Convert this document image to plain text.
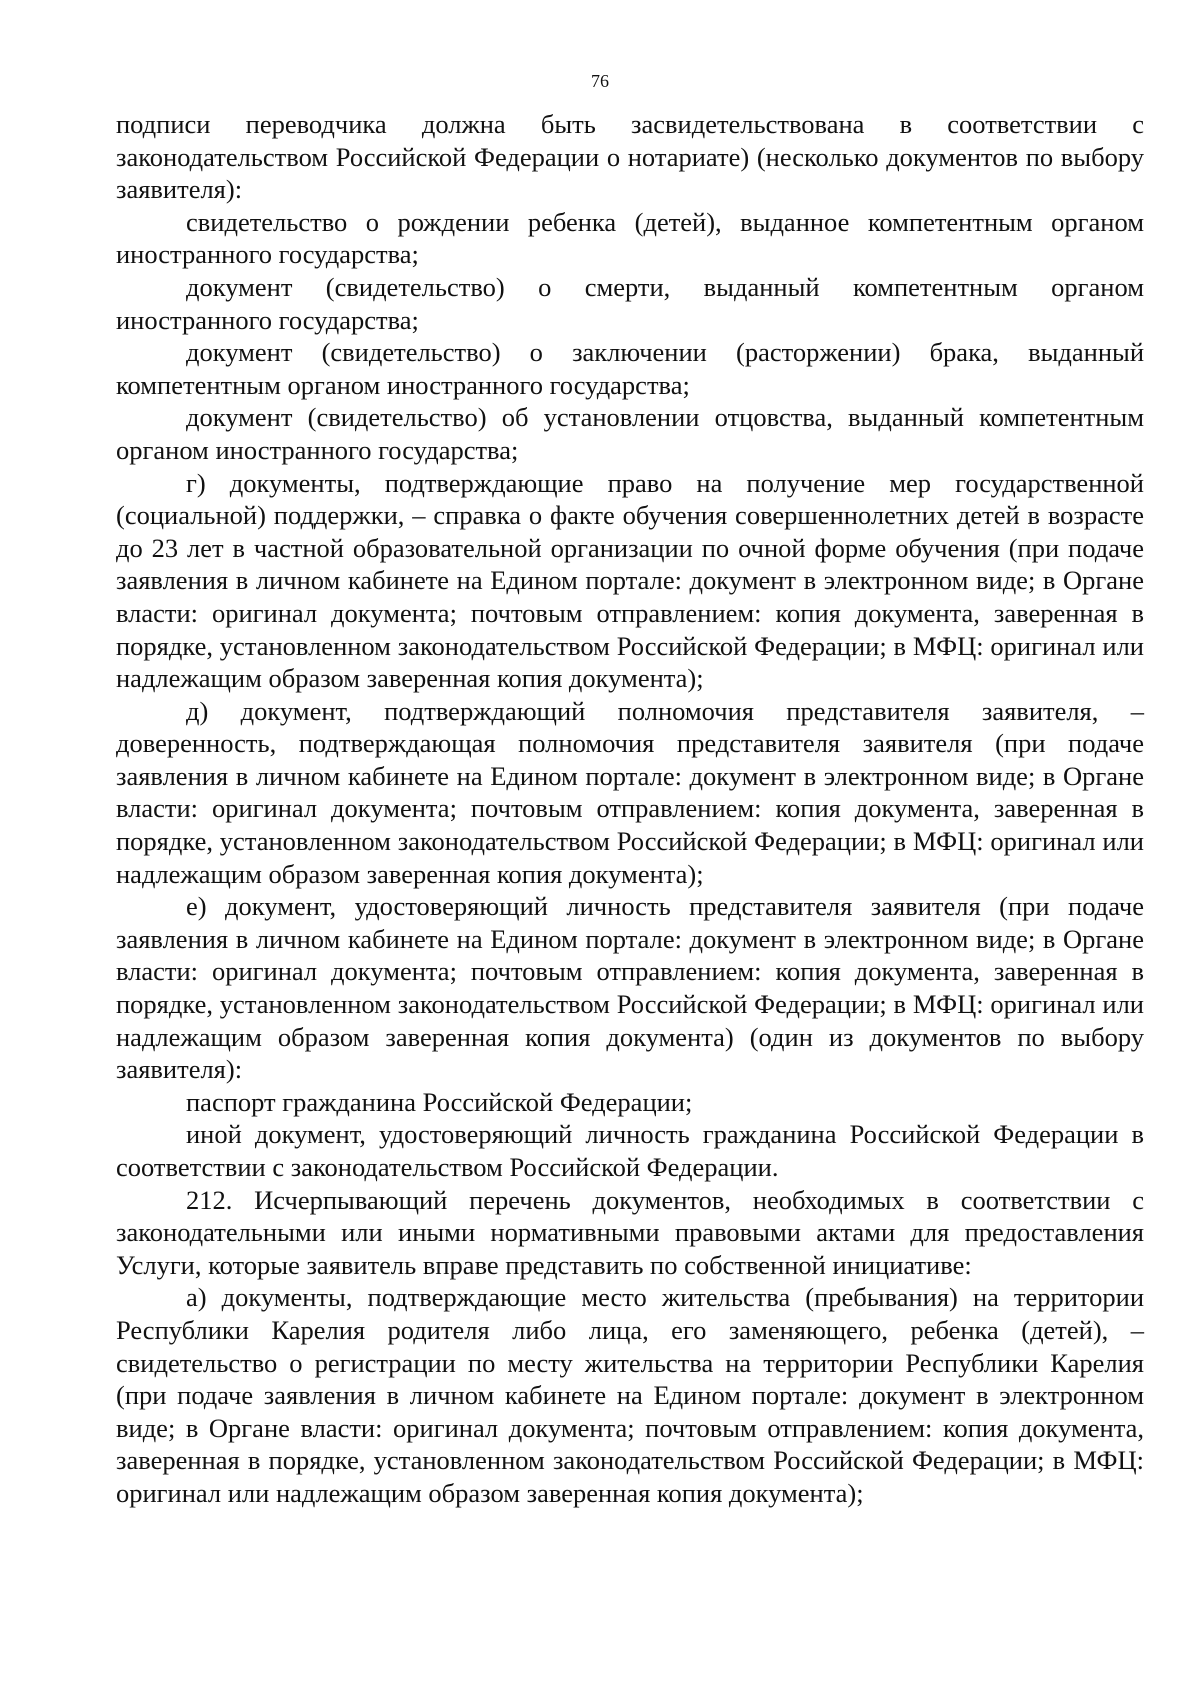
76

подписи переводчика должна быть засвидетельствована в соответствии с законодательством Российской Федерации о нотариате) (несколько документов по выбору заявителя):

свидетельство о рождении ребенка (детей), выданное компетентным органом иностранного государства;

документ (свидетельство) о смерти, выданный компетентным органом иностранного государства;

документ (свидетельство) о заключении (расторжении) брака, выданный компетентным органом иностранного государства;

документ (свидетельство) об установлении отцовства, выданный компетентным органом иностранного государства;

г) документы, подтверждающие право на получение мер государственной (социальной) поддержки, – справка о факте обучения совершеннолетних детей в возрасте до 23 лет в частной образовательной организации по очной форме обучения (при подаче заявления в личном кабинете на Едином портале: документ в электронном виде; в Органе власти: оригинал документа; почтовым отправлением: копия документа, заверенная в порядке, установленном законодательством Российской Федерации; в МФЦ: оригинал или надлежащим образом заверенная копия документа);

д) документ, подтверждающий полномочия представителя заявителя, – доверенность, подтверждающая полномочия представителя заявителя (при подаче заявления в личном кабинете на Едином портале: документ в электронном виде; в Органе власти: оригинал документа; почтовым отправлением: копия документа, заверенная в порядке, установленном законодательством Российской Федерации; в МФЦ: оригинал или надлежащим образом заверенная копия документа);

е) документ, удостоверяющий личность представителя заявителя (при подаче заявления в личном кабинете на Едином портале: документ в электронном виде; в Органе власти: оригинал документа; почтовым отправлением: копия документа, заверенная в порядке, установленном законодательством Российской Федерации; в МФЦ: оригинал или надлежащим образом заверенная копия документа) (один из документов по выбору заявителя):

паспорт гражданина Российской Федерации;

иной документ, удостоверяющий личность гражданина Российской Федерации в соответствии с законодательством Российской Федерации.

212. Исчерпывающий перечень документов, необходимых в соответствии с законодательными или иными нормативными правовыми актами для предоставления Услуги, которые заявитель вправе представить по собственной инициативе:

а) документы, подтверждающие место жительства (пребывания) на территории Республики Карелия родителя либо лица, его заменяющего, ребенка (детей), – свидетельство о регистрации по месту жительства на территории Республики Карелия (при подаче заявления в личном кабинете на Едином портале: документ в электронном виде; в Органе власти: оригинал документа; почтовым отправлением: копия документа, заверенная в порядке, установленном законодательством Российской Федерации; в МФЦ: оригинал или надлежащим образом заверенная копия документа);
